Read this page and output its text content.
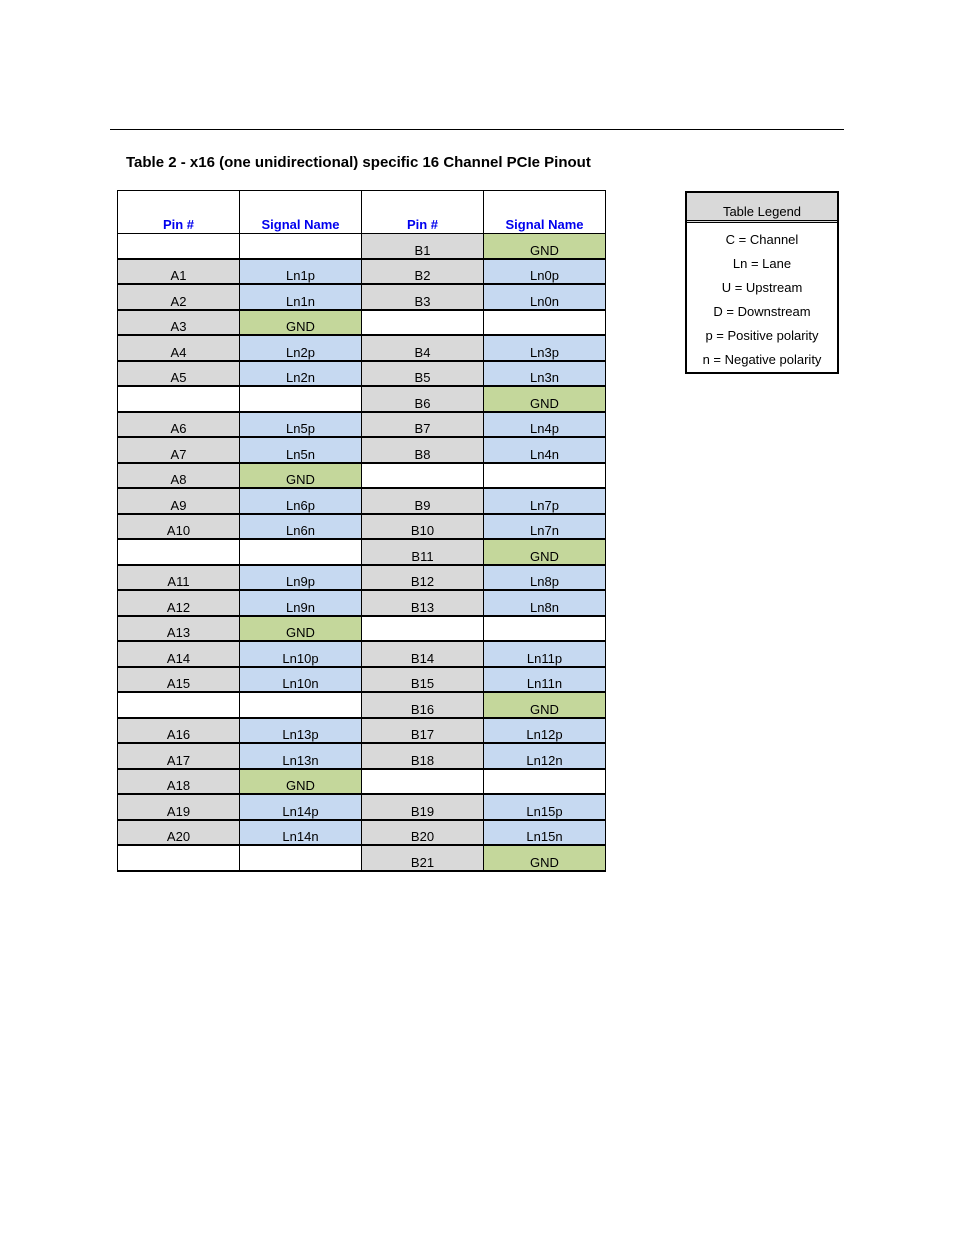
Table 2 - x16 (one unidirectional) specific 16 Channel PCIe Pinout
Pin #	Signal Name	Pin #	Signal Name
		B1	GND
A1	Ln1p	B2	Ln0p
A2	Ln1n	B3	Ln0n
A3	GND		
A4	Ln2p	B4	Ln3p
A5	Ln2n	B5	Ln3n
		B6	GND
A6	Ln5p	B7	Ln4p
A7	Ln5n	B8	Ln4n
A8	GND		
A9	Ln6p	B9	Ln7p
A10	Ln6n	B10	Ln7n
		B11	GND
A11	Ln9p	B12	Ln8p
A12	Ln9n	B13	Ln8n
A13	GND		
A14	Ln10p	B14	Ln11p
A15	Ln10n	B15	Ln11n
		B16	GND
A16	Ln13p	B17	Ln12p
A17	Ln13n	B18	Ln12n
A18	GND		
A19	Ln14p	B19	Ln15p
A20	Ln14n	B20	Ln15n
		B21	GND
Table Legend
C = Channel
Ln = Lane
U = Upstream
D = Downstream
p = Positive polarity
n = Negative polarity
